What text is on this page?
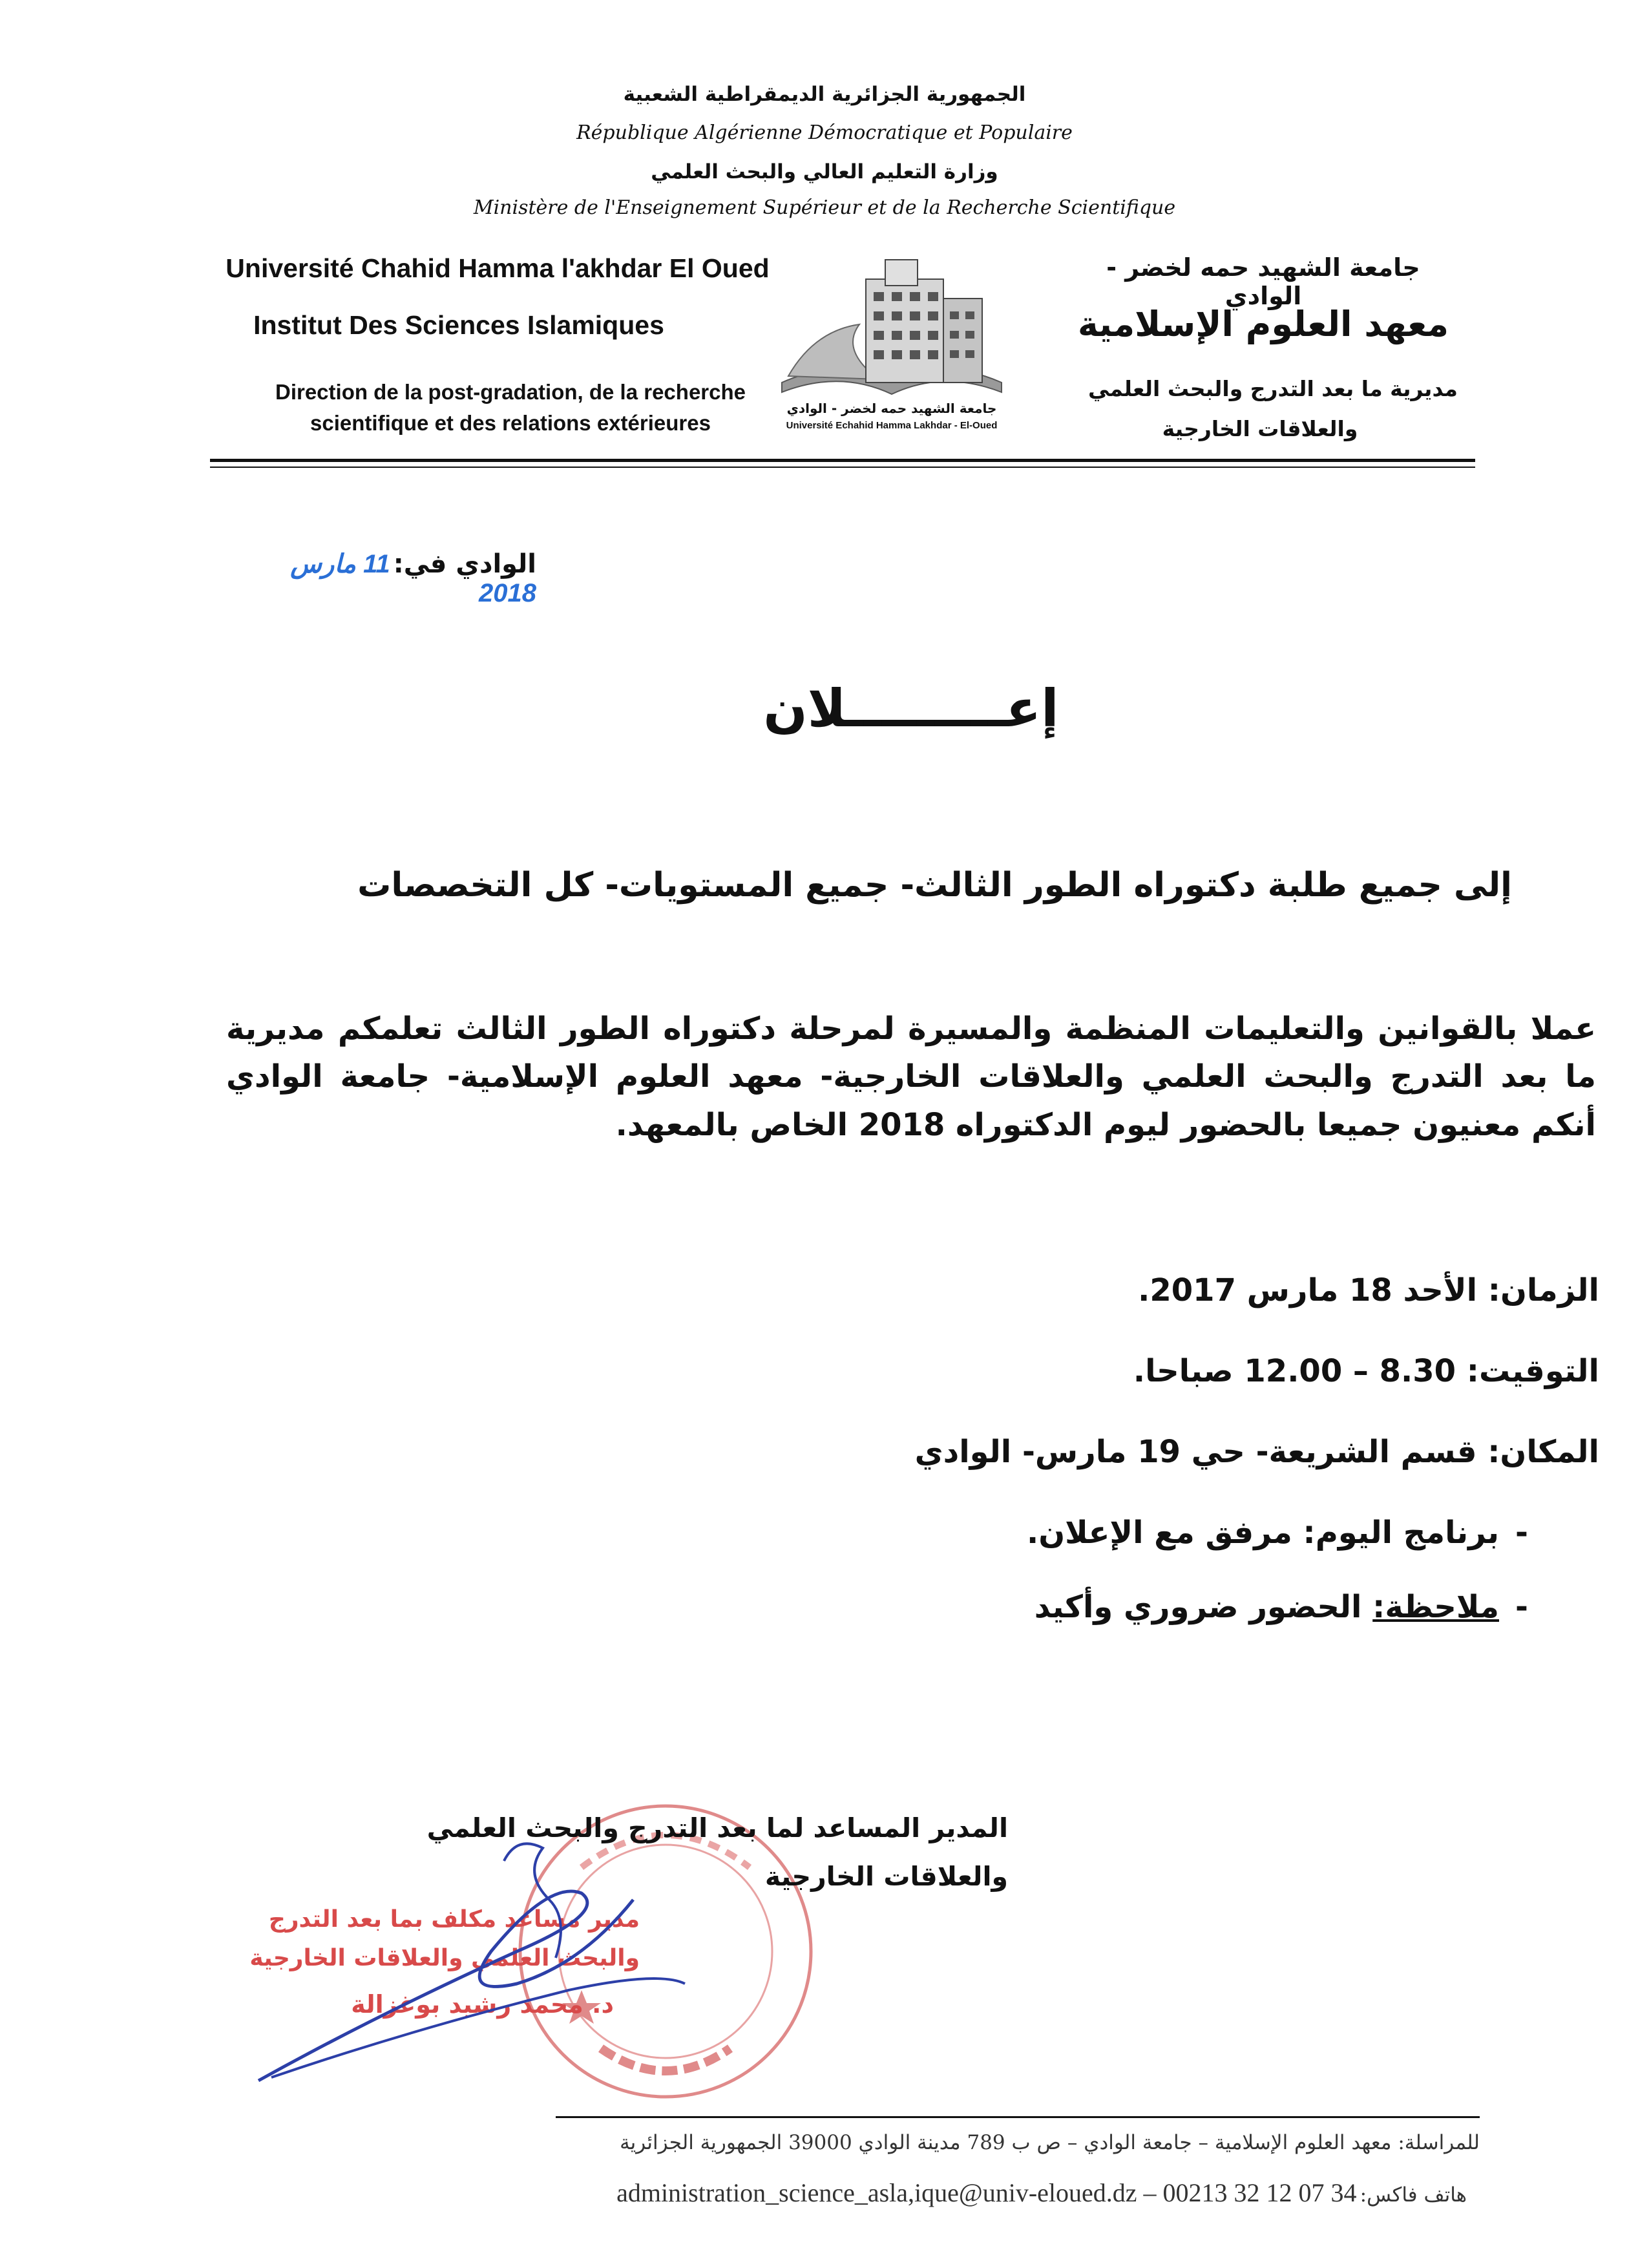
الجمهورية الجزائرية الديمقراطية الشعبية
République Algérienne Démocratique et Populaire
وزارة التعليم العالي والبحث العلمي
Ministère de l'Enseignement Supérieur et de la Recherche Scientifique
Université Chahid Hamma l'akhdar El Oued
Institut Des Sciences Islamiques
Direction de la post-gradation, de la recherche
scientifique et des relations extérieures
جامعة الشهيد حمه لخضر - الوادي
Université Echahid Hamma Lakhdar - El-Oued
جامعة الشهيد حمه لخضر - الوادي
معهد العلوم الإسلامية
مديرية ما بعد التدرج والبحث العلمي
والعلاقات الخارجية
الوادي في: 11 مارس 2018
إعـــــــــلان
إلى جميع طلبة دكتوراه الطور الثالث- جميع المستويات- كل التخصصات
عملا بالقوانين والتعليمات المنظمة والمسيرة لمرحلة دكتوراه الطور الثالث تعلمكم مديرية ما بعد التدرج والبحث العلمي والعلاقات الخارجية- معهد العلوم الإسلامية- جامعة الوادي أنكم معنيون جميعا بالحضور ليوم الدكتوراه 2018 الخاص بالمعهد.
الزمان: الأحد 18 مارس 2017.
التوقيت: 8.30 – 12.00 صباحا.
المكان: قسم الشريعة- حي 19 مارس- الوادي
-برنامج اليوم: مرفق مع الإعلان.
-ملاحظة: الحضور ضروري وأكيد
المدير المساعد لما بعد التدرج والبحث العلمي
والعلاقات الخارجية
مدير مساعد مكلف بما بعد التدرج
والبحث العلمي والعلاقات الخارجية
د. محمد رشيد بوغزالة
للمراسلة: معهد العلوم الإسلامية – جامعة الوادي – ص ب 789 مدينة الوادي 39000 الجمهورية الجزائرية
administration_science_asla,ique@univ-eloued.dz – 00213 32 12 07 34 هاتف فاكس:
